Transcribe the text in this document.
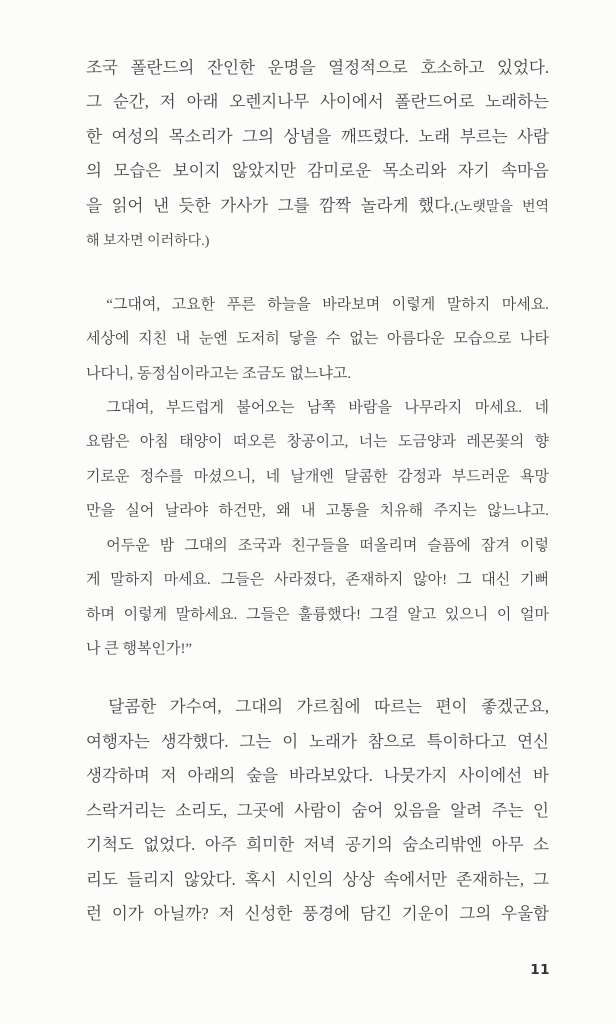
조국 폴란드의 잔인한 운명을 열정적으로 호소하고 있었다.
그 순간, 저 아래 오렌지나무 사이에서 폴란드어로 노래하는
한 여성의 목소리가 그의 상념을 깨뜨렸다. 노래 부르는 사람
의 모습은 보이지 않았지만 감미로운 목소리와 자기 속마음
을 읽어 낸 듯한 가사가 그를 깜짝 놀라게 했다.(노랫말을 번역
해 보자면 이러하다.)
“그대여, 고요한 푸른 하늘을 바라보며 이렇게 말하지 마세요.
세상에 지친 내 눈엔 도저히 닿을 수 없는 아름다운 모습으로 나타
나다니, 동정심이라고는 조금도 없느냐고.
그대여, 부드럽게 불어오는 남쪽 바람을 나무라지 마세요. 네
요람은 아침 태양이 떠오른 창공이고, 너는 도금양과 레몬꽃의 향
기로운 정수를 마셨으니, 네 날개엔 달콤한 감정과 부드러운 욕망
만을 실어 날라야 하건만, 왜 내 고통을 치유해 주지는 않느냐고.
어두운 밤 그대의 조국과 친구들을 떠올리며 슬픔에 잠겨 이렇
게 말하지 마세요. 그들은 사라졌다, 존재하지 않아! 그 대신 기뻐
하며 이렇게 말하세요. 그들은 훌륭했다! 그걸 알고 있으니 이 얼마
나 큰 행복인가!”
달콤한 가수여, 그대의 가르침에 따르는 편이 좋겠군요,
여행자는 생각했다. 그는 이 노래가 참으로 특이하다고 연신
생각하며 저 아래의 숲을 바라보았다. 나뭇가지 사이에선 바
스락거리는 소리도, 그곳에 사람이 숨어 있음을 알려 주는 인
기척도 없었다. 아주 희미한 저녁 공기의 숨소리밖엔 아무 소
리도 들리지 않았다. 혹시 시인의 상상 속에서만 존재하는, 그
런 이가 아닐까? 저 신성한 풍경에 담긴 기운이 그의 우울함
11
